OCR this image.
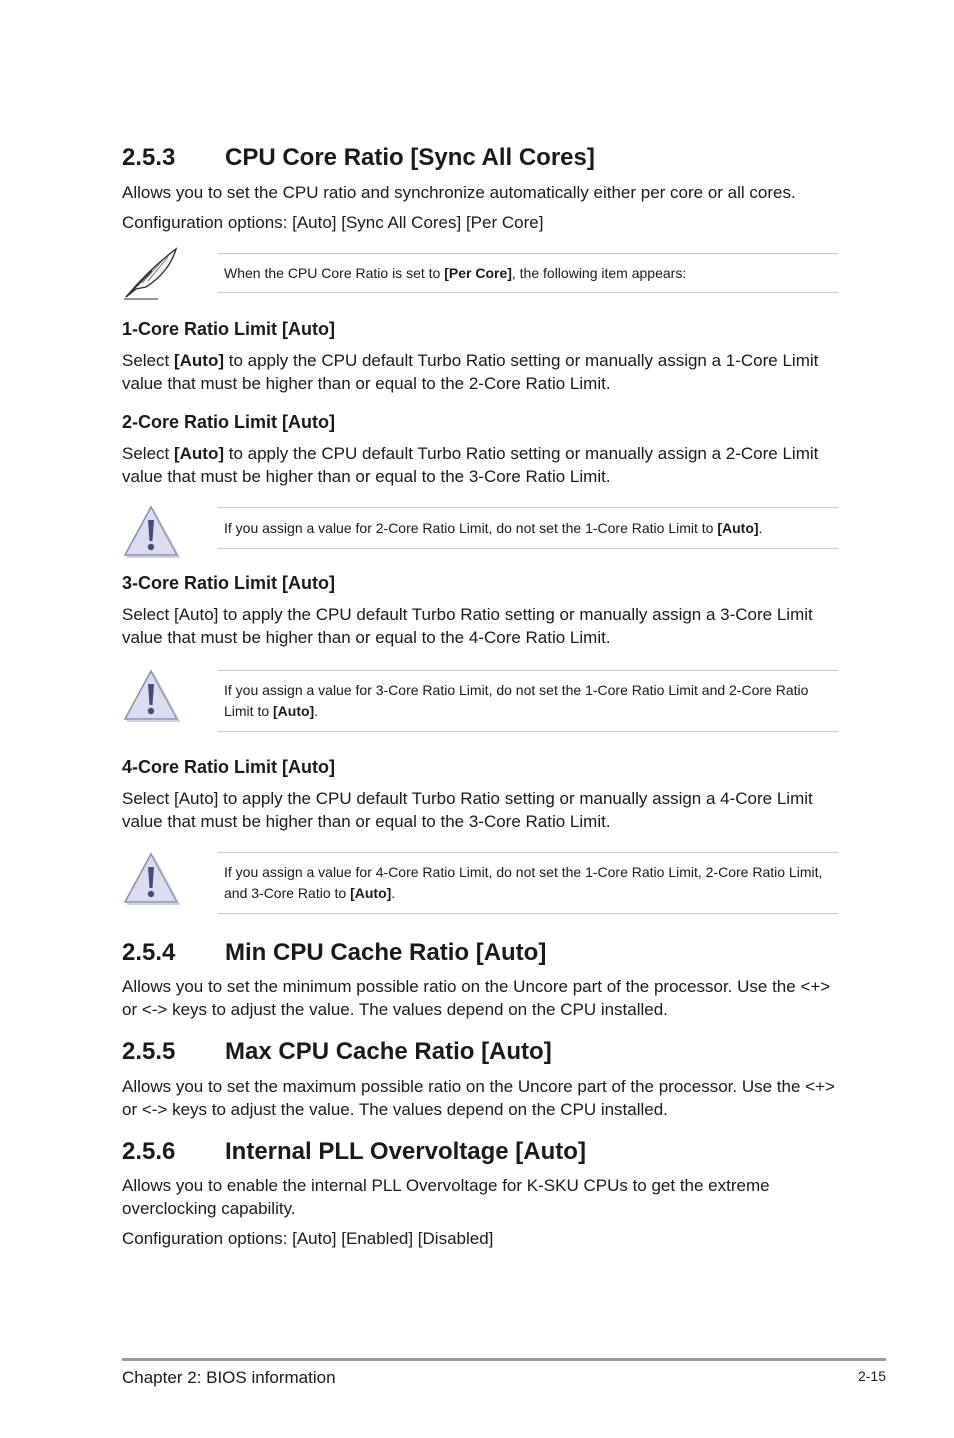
2.5.3 CPU Core Ratio [Sync All Cores]
Allows you to set the CPU ratio and synchronize automatically either per core or all cores.
Configuration options: [Auto] [Sync All Cores] [Per Core]
When the CPU Core Ratio is set to [Per Core], the following item appears:
1-Core Ratio Limit [Auto]
Select [Auto] to apply the CPU default Turbo Ratio setting or manually assign a 1-Core Limit value that must be higher than or equal to the 2-Core Ratio Limit.
2-Core Ratio Limit [Auto]
Select [Auto] to apply the CPU default Turbo Ratio setting or manually assign a 2-Core Limit value that must be higher than or equal to the 3-Core Ratio Limit.
If you assign a value for 2-Core Ratio Limit, do not set the 1-Core Ratio Limit to [Auto].
3-Core Ratio Limit [Auto]
Select [Auto] to apply the CPU default Turbo Ratio setting or manually assign a 3-Core Limit value that must be higher than or equal to the 4-Core Ratio Limit.
If you assign a value for 3-Core Ratio Limit, do not set the 1-Core Ratio Limit and 2-Core Ratio Limit to [Auto].
4-Core Ratio Limit [Auto]
Select [Auto] to apply the CPU default Turbo Ratio setting or manually assign a 4-Core Limit value that must be higher than or equal to the 3-Core Ratio Limit.
If you assign a value for 4-Core Ratio Limit, do not set the 1-Core Ratio Limit, 2-Core Ratio Limit, and 3-Core Ratio to [Auto].
2.5.4 Min CPU Cache Ratio [Auto]
Allows you to set the minimum possible ratio on the Uncore part of the processor. Use the <+> or <-> keys to adjust the value. The values depend on the CPU installed.
2.5.5 Max CPU Cache Ratio [Auto]
Allows you to set the maximum possible ratio on the Uncore part of the processor. Use the <+> or <-> keys to adjust the value. The values depend on the CPU installed.
2.5.6 Internal PLL Overvoltage [Auto]
Allows you to enable the internal PLL Overvoltage for K-SKU CPUs to get the extreme overclocking capability.
Configuration options: [Auto] [Enabled] [Disabled]
Chapter 2: BIOS information	2-15
